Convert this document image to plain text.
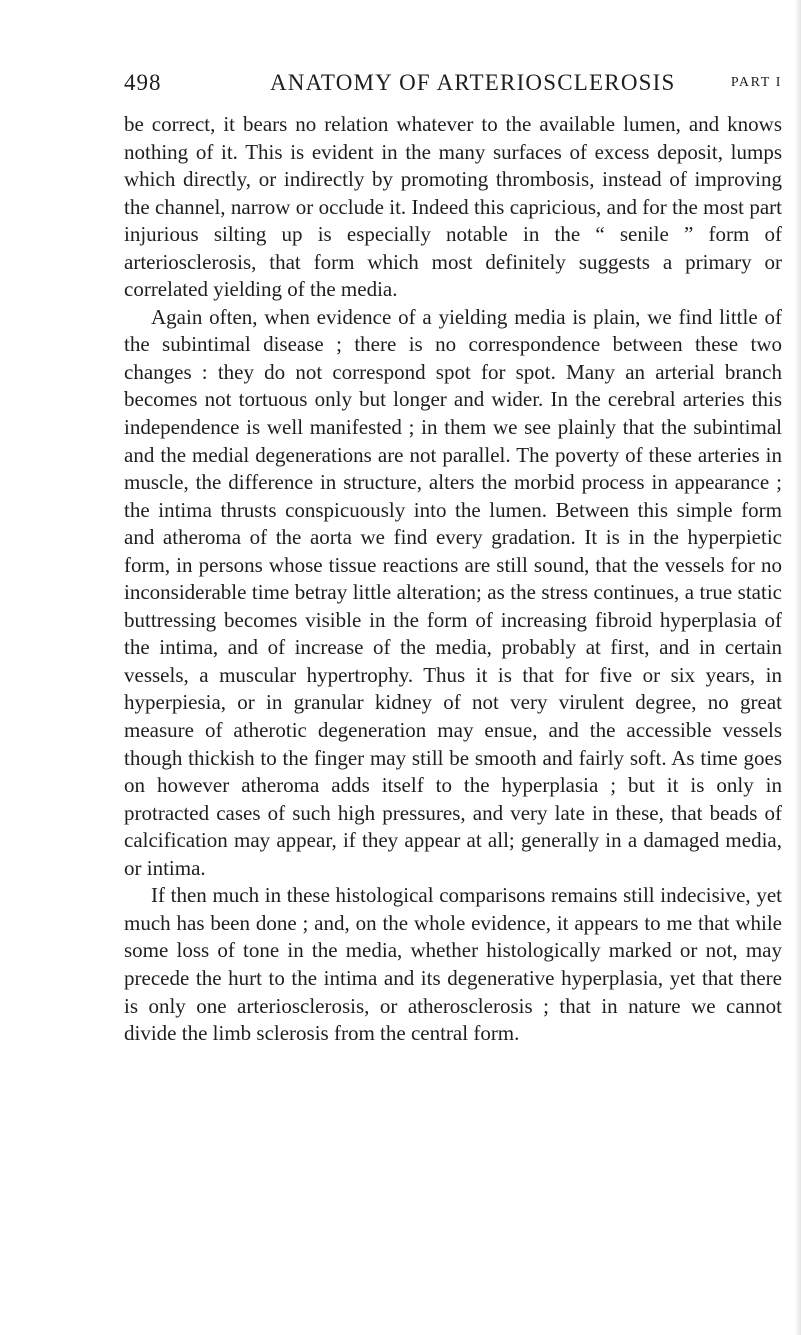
498	ANATOMY OF ARTERIOSCLEROSIS	PART I

be correct, it bears no relation whatever to the available lumen, and knows nothing of it. This is evident in the many surfaces of excess deposit, lumps which directly, or indirectly by promoting thrombosis, instead of improving the channel, narrow or occlude it. Indeed this capricious, and for the most part injurious silting up is especially notable in the “ senile ” form of arteriosclerosis, that form which most definitely suggests a primary or correlated yielding of the media.

Again often, when evidence of a yielding media is plain, we find little of the subintimal disease ; there is no correspondence between these two changes : they do not correspond spot for spot. Many an arterial branch becomes not tortuous only but longer and wider. In the cerebral arteries this independence is well manifested ; in them we see plainly that the subintimal and the medial degenerations are not parallel. The poverty of these arteries in muscle, the difference in structure, alters the morbid process in appearance ; the intima thrusts conspicuously into the lumen. Between this simple form and atheroma of the aorta we find every gradation. It is in the hyperpietic form, in persons whose tissue reactions are still sound, that the vessels for no inconsiderable time betray little alteration; as the stress continues, a true static buttressing becomes visible in the form of increasing fibroid hyperplasia of the intima, and of increase of the media, probably at first, and in certain vessels, a muscular hypertrophy. Thus it is that for five or six years, in hyperpiesia, or in granular kidney of not very virulent degree, no great measure of atherotic degeneration may ensue, and the accessible vessels though thickish to the finger may still be smooth and fairly soft. As time goes on however atheroma adds itself to the hyperplasia ; but it is only in protracted cases of such high pressures, and very late in these, that beads of calcification may appear, if they appear at all; generally in a damaged media, or intima.

If then much in these histological comparisons remains still indecisive, yet much has been done ; and, on the whole evidence, it appears to me that while some loss of tone in the media, whether histologically marked or not, may precede the hurt to the intima and its degenerative hyperplasia, yet that there is only one arteriosclerosis, or atherosclerosis ; that in nature we cannot divide the limb sclerosis from the central form.
